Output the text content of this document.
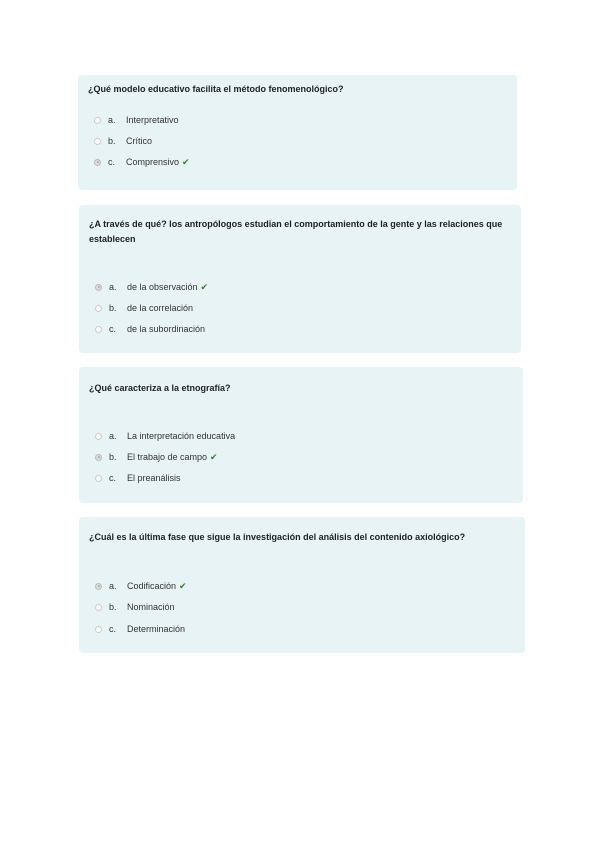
¿Qué modelo educativo facilita el método fenomenológico?
a.	Interpretativo
b.	Crítico
c.	Comprensivo ✔
¿A través de qué? los antropólogos estudian el comportamiento de la gente y las relaciones que establecen
a.	de la observación ✔
b.	de la correlación
c.	de la subordinación
¿Qué caracteriza a la etnografía?
a.	La interpretación educativa
b.	El trabajo de campo ✔
c.	El preanálisis
¿Cuál es la última fase que sigue la investigación del análisis del contenido axiológico?
a.	Codificación ✔
b.	Nominación
c.	Determinación
